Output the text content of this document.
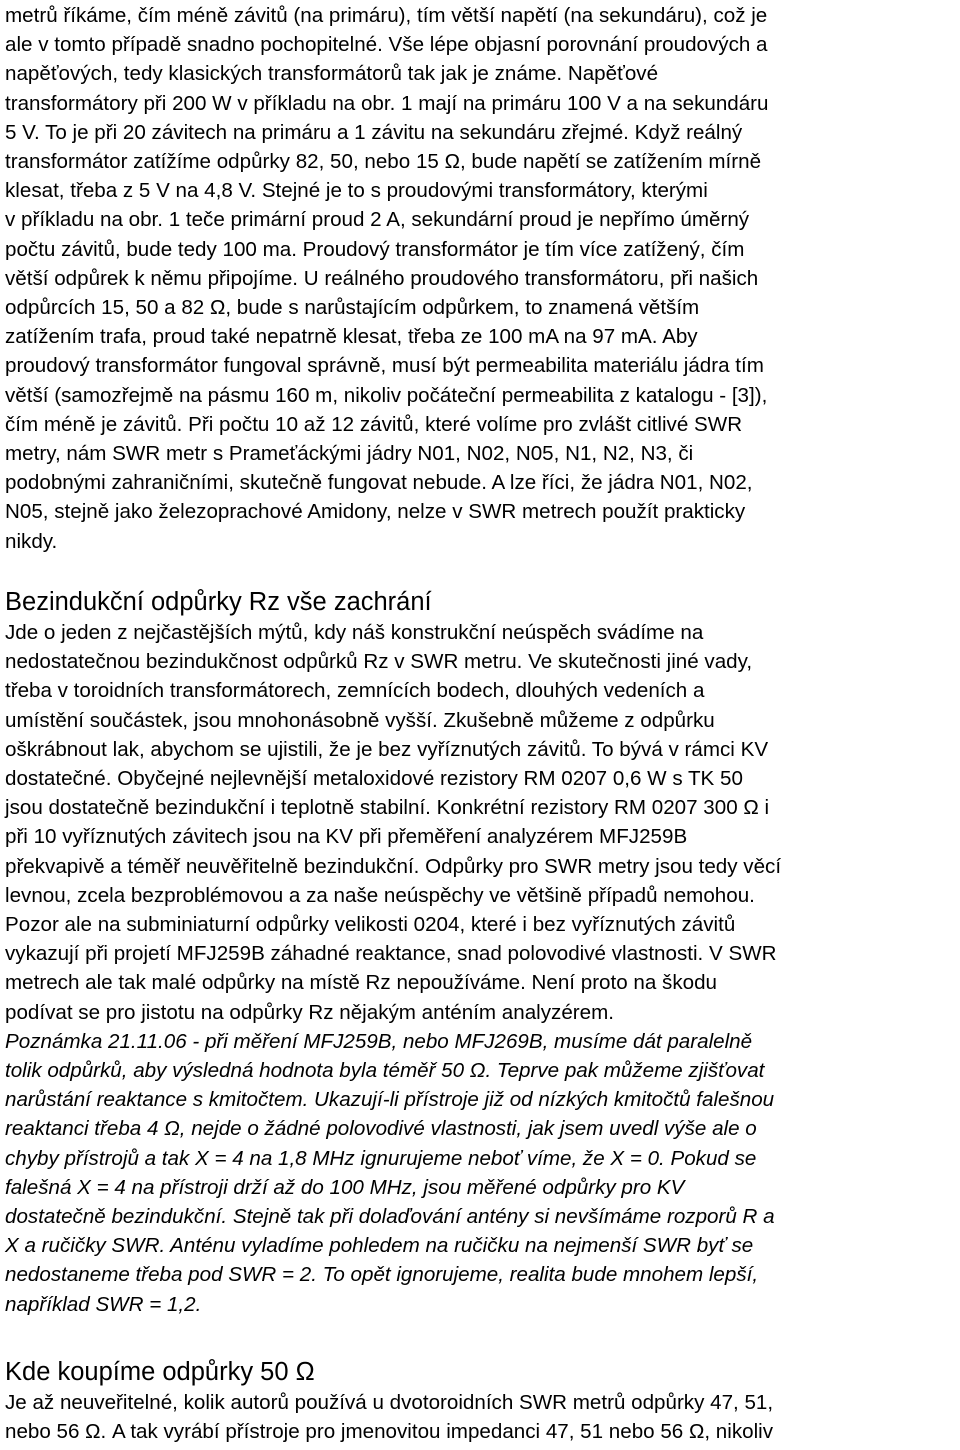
metrů říkáme, čím méně závitů (na primáru), tím větší napětí (na sekundáru), což je

ale v tomto případě snadno pochopitelné. Vše lépe objasní porovnání proudových a

napěťových, tedy klasických transformátorů tak jak je známe. Napěťové

transformátory při 200 W v příkladu na obr. 1 mají na primáru 100 V a na sekundáru

5 V. To je při 20 závitech na primáru a 1 závitu na sekundáru zřejmé. Když reálný

transformátor zatížíme odpůrky 82, 50, nebo 15 Ω, bude napětí se zatížením mírně

klesat, třeba z 5 V na 4,8 V. Stejné je to s proudovými transformátory, kterými

v příkladu na obr. 1 teče primární proud 2 A, sekundární proud je nepřímo úměrný

počtu závitů, bude tedy 100 ma. Proudový transformátor je tím více zatížený, čím

větší odpůrek k němu připojíme. U reálného proudového transformátoru, při našich

odpůrcích 15, 50 a 82 Ω, bude s narůstajícím odpůrkem, to znamená větším

zatížením trafa, proud také nepatrně klesat, třeba ze 100 mA na 97 mA. Aby

proudový transformátor fungoval správně, musí být permeabilita materiálu jádra tím

větší (samozřejmě na pásmu 160 m, nikoliv počáteční permeabilita z katalogu - [3]),

čím méně je závitů. Při počtu 10 až 12 závitů, které volíme pro zvlášt citlivé SWR

metry, nám SWR metr s Prameťáckými jádry N01, N02, N05, N1, N2, N3, či

podobnými zahraničními, skutečně fungovat nebude. A lze říci, že jádra N01, N02,

N05, stejně jako železoprachové Amidony, nelze v SWR metrech použít prakticky

nikdy.

Bezindukční odpůrky Rz vše zachrání

Jde o jeden z nejčastějších mýtů, kdy náš konstrukční neúspěch svádíme na

nedostatečnou bezindukčnost odpůrků Rz v SWR metru. Ve skutečnosti jiné vady,

třeba v toroidních transformátorech, zemnících bodech, dlouhých vedeních a

umístění součástek, jsou mnohonásobně vyšší. Zkušebně můžeme z odpůrku

oškrábnout lak, abychom se ujistili, že je bez vyříznutých závitů. To bývá v rámci KV

dostatečné. Obyčejné nejlevnější metaloxidové rezistory RM 0207 0,6 W s TK 50

jsou dostatečně bezindukční i teplotně stabilní. Konkrétní rezistory RM 0207 300 Ω i

při 10 vyříznutých závitech jsou na KV při přeměření analyzérem MFJ259B

překvapivě a téměř neuvěřitelně bezindukční. Odpůrky pro SWR metry jsou tedy věcí

levnou, zcela bezproblémovou a za naše neúspěchy ve většině případů nemohou.

Pozor ale na subminiaturní odpůrky velikosti 0204, které i bez vyříznutých závitů

vykazují při projetí MFJ259B záhadné reaktance, snad polovodivé vlastnosti. V SWR

metrech ale tak malé odpůrky na místě Rz nepoužíváme. Není proto na škodu

podívat se pro jistotu na odpůrky Rz nějakým anténím analyzérem.

Poznámka 21.11.06 - při měření MFJ259B, nebo MFJ269B, musíme dát paralelně

tolik odpůrků, aby výsledná hodnota byla téměř 50 Ω. Teprve pak můžeme zjišťovat

narůstání reaktance s kmitočtem. Ukazují-li přístroje již od nízkých kmitočtů falešnou

reaktanci třeba 4 Ω, nejde o žádné polovodivé vlastnosti, jak jsem uvedl výše ale o

chyby přístrojů a tak X = 4 na 1,8 MHz ignurujeme neboť víme, že X = 0. Pokud se

falešná X = 4 na přístroji drží až do 100 MHz, jsou měřené odpůrky pro KV

dostatečně bezindukční. Stejně tak při dolaďování antény si nevšímáme rozporů R a

X a ručičky SWR. Anténu vyladíme pohledem na ručičku na nejmenší SWR byť se

nedostaneme třeba pod SWR = 2. To opět ignorujeme, realita bude mnohem lepší,

například SWR = 1,2.

Kde koupíme odpůrky 50 Ω

Je až neuveřitelné, kolik autorů používá u dvotoroidních SWR metrů odpůrky 47, 51,

nebo 56 Ω. A tak vyrábí přístroje pro jmenovitou impedanci 47, 51 nebo 56 Ω, nikoliv
